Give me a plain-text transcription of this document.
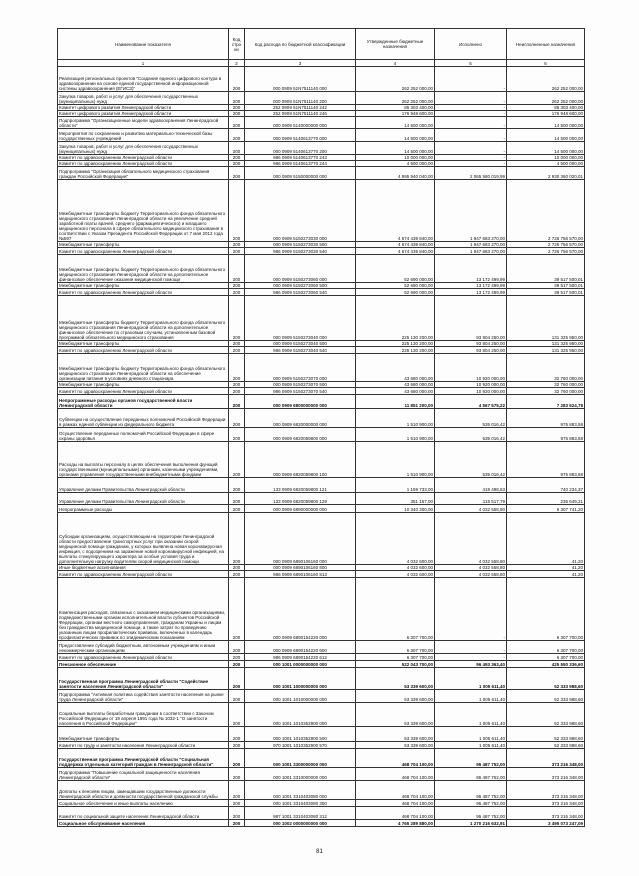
Наименование показателя	Код стро ки	Код расхода по бюджетной классификации	Утвержденные бюджетные назначения	Исполнено	Неисполненные назначения
1	2	3	4	5	6
Реализация региональных проектов "Создание единого цифрового контура в здравоохранении на основе единой государственной информационной системы здравоохранения (ЕГИСЗ)"	200	000 0909 51N7511140 000	262 252 000,00	-	262 252 000,00
Закупка товаров, работ и услуг для обеспечения государственных (муниципальных) нужд	200	000 0909 51N7511140 200	262 252 000,00	-	262 252 000,00
Комитет цифрового развития Ленинградской области	200	252 0909 51N7511140 242	85 303 400,00	-	85 303 400,00
Комитет цифрового развития Ленинградской области	200	252 0909 51N7511140 246	176 948 600,00	-	176 948 600,00
Подпрограмма "Организационные модели здравоохранения Ленинградской области"	200	000 0909 5140000000 000	14 500 000,00	-	14 500 000,00
Мероприятия по сохранению и развитию материально-технической базы государственных учреждений	200	000 0909 5140613770 000	14 500 000,00	-	14 500 000,00
Закупка товаров, работ и услуг для обеспечения государственных (муниципальных) нужд	200	000 0909 5140613770 200	14 500 000,00	-	14 500 000,00
Комитет по здравоохранению Ленинградской области	200	986 0909 5140613770 243	10 000 000,00	-	10 000 000,00
Комитет по здравоохранению Ленинградской области	200	986 0909 5140613770 244	4 500 000,00	-	4 500 000,00
Подпрограмма "Организация обязательного медицинского страхования граждан Российской Федерации"	200	000 0909 5150000000 000	4 995 940 040,00	2 065 580 019,99	2 930 360 020,01
Межбюджетные трансферты бюджету Территориального фонда обязательного медицинского страхования Ленинградской области на увеличение средней заработной платы врачей, среднего (фармацевтического) и младшего медицинского персонала в сфере обязательного медицинского страхования в соответствии с Указом Президента Российской Федерации от 7 мая 2012 года №597	200	000 0909 5150273030 000	4 674 439 840,00	1 947 683 270,00	2 726 756 570,00
Межбюджетные трансферты	200	000 0909 5150273030 500	4 674 439 840,00	1 947 683 270,00	2 726 756 570,00
Комитет по здравоохранению Ленинградской области	200	986 0909 5150273030 540	4 674 439 840,00	1 947 683 270,00	2 726 756 570,00
Межбюджетные трансферты бюджету Территориального фонда обязательного медицинского страхования Ленинградской области на дополнительное финансовое обеспечение оказания медицинской помощи	200	000 0909 5150273060 000	52 690 000,00	13 172 499,99	39 517 500,01
Межбюджетные трансферты	200	000 0909 5150273060 500	52 690 000,00	13 172 499,99	39 517 500,01
Комитет по здравоохранению Ленинградской области	200	986 0909 5150273060 540	52 690 000,00	13 172 499,99	39 517 500,01
Межбюджетные трансферты бюджету Территориального фонда обязательного медицинского страхования Ленинградской области на дополнительное финансовое обеспечение по страховым случаям, установленным базовой программой обязательного медицинского страхования	200	000 0909 5150273040 000	225 130 200,00	93 804 250,00	131 325 950,00
Межбюджетные трансферты	200	000 0909 5150273040 500	225 130 200,00	93 804 250,00	131 325 950,00
Комитет по здравоохранению Ленинградской области	200	986 0909 5150273040 540	225 130 200,00	93 804 250,00	131 325 950,00
Межбюджетные трансферты бюджету Территориального фонда обязательного медицинского страхования Ленинградской области на обеспечение организации питания в условиях дневного стационара	200	000 0909 5150273070 000	43 680 000,00	10 920 000,00	32 760 000,00
Межбюджетные трансферты	200	000 0909 5150273070 500	43 680 000,00	10 920 000,00	32 760 000,00
Комитет по здравоохранению Ленинградской области	200	986 0909 5150273070 540	43 680 000,00	10 920 000,00	32 760 000,00
Непрограммные расходы органов государственной власти Ленинградской области	200	000 0909 6800000000 000	11 851 200,00	4 567 575,22	7 283 624,78
Субвенции на осуществление переданных полномочий Российской Федерации в рамках единой субвенции из федерального бюджета	200	000 0909 6820000000 000	1 510 900,00	535 016,42	975 883,58
Осуществление переданных полномочий Российской Федерации в сфере охраны здоровья	200	000 0909 6820059800 000	1 510 900,00	535 016,42	975 883,58
Расходы на выплаты персоналу в целях обеспечения выполнения функций государственными (муниципальными) органами, казенными учреждениями, органами управления государственными внебюджетными фондами	200	000 0909 6820059800 100	1 510 900,00	535 016,42	975 883,58
Управление делами Правительства Ленинградской области	200	133 0909 6820059800 121	1 159 733,00	419 498,63	740 234,37
Управление делами Правительства Ленинградской области	200	133 0909 6820059800 129	351 167,00	115 517,79	235 649,21
Непрограммные расходы	200	000 0909 6890000000 000	10 340 300,00	4 032 558,80	6 307 741,20
Субсидии организациям, осуществляющим на территории Ленинградской области предоставление транспортных услуг при оказании скорой медицинской помощи гражданам, у которых выявлена новая коронавирусная инфекция, с подозрением на заражение новой коронавирусной инфекцией, на выплаты стимулирующего характера за особые условия труда и дополнительную нагрузку водителям скорой медицинской помощи	200	000 0909 6890106160 000	4 032 600,00	4 032 558,80	41,20
Иные бюджетные ассигнования	200	000 0909 6890106160 800	4 032 600,00	4 032 558,80	41,20
Комитет по здравоохранению Ленинградской области	200	986 0909 6890106160 813	4 032 600,00	4 032 558,80	41,20
Компенсация расходов, связанных с оказанием медицинскими организациями, подведомственными органам исполнительной власти субъектов Российской Федерации, органам местного самоуправления, гражданам Украины и лицам без гражданства медицинской помощи, а также затрат по проведению указанным лицам профилактических прививок, включенных в календарь профилактических прививок по эпидемическим показаниям	200	000 0909 6890154220 000	6 307 700,00	-	6 307 700,00
Предоставление субсидий бюджетным, автономным учреждениям и иным некоммерческим организациям	200	000 0909 6890154220 600	6 307 700,00	-	6 307 700,00
Комитет по здравоохранению Ленинградской области	200	986 0909 6890154220 612	6 307 700,00	-	6 307 700,00
Пенсионное обеспечение	200	000 1001 0000000000 000	522 043 700,00	96 493 363,40	425 550 336,60
Государственная программа Ленинградской области "Содействие занятости населения Ленинградской области"	200	000 1001 1000000000 000	53 339 600,00	1 005 611,40	52 333 988,60
Подпрограмма "Активная политика содействия занятости населения на рынке труда Ленинградской области"	200	000 1001 1010000000 000	53 339 600,00	1 005 611,40	52 333 988,60
Социальные выплаты безработным гражданам в соответствии с Законом Российской Федерации от 19 апреля 1991 года № 1032-1 "О занятости населения в Российской Федерации"	200	000 1001 1010352900 000	53 339 600,00	1 005 611,40	52 333 988,60
Межбюджетные трансферты	200	000 1001 1010352900 500	53 339 600,00	1 005 611,40	52 333 988,60
Комитет по труду и занятости населения Ленинградской области	200	970 1001 1010352900 570	53 339 600,00	1 005 611,40	52 333 988,60
Государственная программа Ленинградской области "Социальная поддержка отдельных категорий граждан в Ленинградской области"	200	000 1001 3300000000 000	468 704 100,00	95 487 752,00	373 216 348,00
Подпрограмма "Повышение социальной защищенности населения Ленинградской области"	200	000 1001 3310000000 000	468 704 100,00	95 487 752,00	373 216 348,00
Доплаты к пенсиям лицам, замещавшим государственные должности Ленинградской области и должности государственной гражданской службы	200	000 1001 3310403080 000	468 704 100,00	95 487 752,00	373 216 348,00
Социальное обеспечение и иные выплаты населению	200	000 1001 3310403080 300	468 704 100,00	95 487 752,00	373 216 348,00
Комитет по социальной защите населения Ленинградской области	200	987 1001 3310403080 312	468 704 100,00	95 487 752,00	373 216 348,00
Социальное обслуживание населения	200	000 1002 0000000000 000	4 765 289 880,00	1 270 216 632,91	3 495 073 247,09
81
